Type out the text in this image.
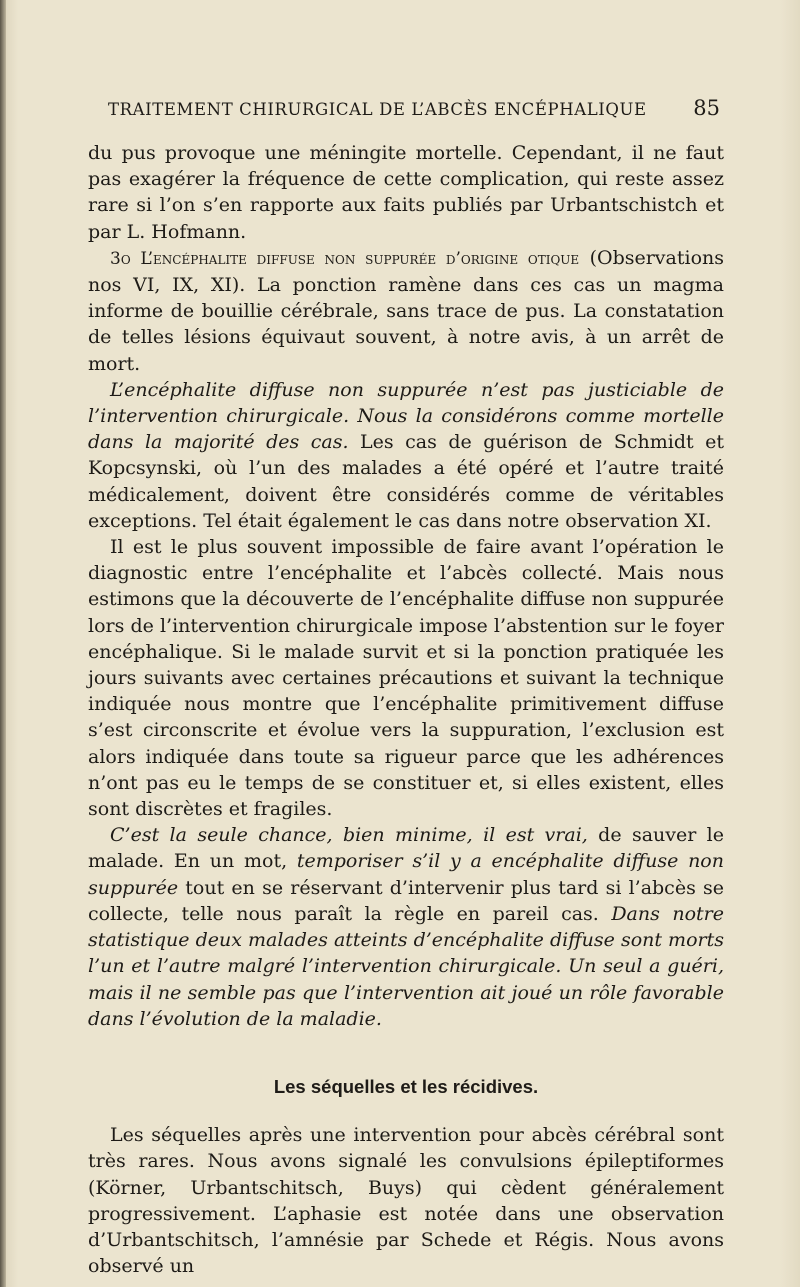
TRAITEMENT CHIRURGICAL DE L’ABCÈS ENCÉPHALIQUE 85

du pus provoque une méningite mortelle. Cependant, il ne faut pas exagérer la fréquence de cette complication, qui reste assez rare si l’on s’en rapporte aux faits publiés par Urbantschistch et par L. Hofmann.

3o L’encéphalite diffuse non suppurée d’origine otique (Observations nos VI, IX, XI). La ponction ramène dans ces cas un magma informe de bouillie cérébrale, sans trace de pus. La constatation de telles lésions équivaut souvent, à notre avis, à un arrêt de mort.

L’encéphalite diffuse non suppurée n’est pas justiciable de l’intervention chirurgicale. Nous la considérons comme mortelle dans la majorité des cas. Les cas de guérison de Schmidt et Kopcsynski, où l’un des malades a été opéré et l’autre traité médicalement, doivent être considérés comme de véritables exceptions. Tel était également le cas dans notre observation XI.

Il est le plus souvent impossible de faire avant l’opération le diagnostic entre l’encéphalite et l’abcès collecté. Mais nous estimons que la découverte de l’encéphalite diffuse non suppurée lors de l’intervention chirurgicale impose l’abstention sur le foyer encéphalique. Si le malade survit et si la ponction pratiquée les jours suivants avec certaines précautions et suivant la technique indiquée nous montre que l’encéphalite primitivement diffuse s’est circonscrite et évolue vers la suppuration, l’exclusion est alors indiquée dans toute sa rigueur parce que les adhérences n’ont pas eu le temps de se constituer et, si elles existent, elles sont discrètes et fragiles.

C’est la seule chance, bien minime, il est vrai, de sauver le malade. En un mot, temporiser s’il y a encéphalite diffuse non suppurée tout en se réservant d’intervenir plus tard si l’abcès se collecte, telle nous paraît la règle en pareil cas. Dans notre statistique deux malades atteints d’encéphalite diffuse sont morts l’un et l’autre malgré l’intervention chirurgicale. Un seul a guéri, mais il ne semble pas que l’intervention ait joué un rôle favorable dans l’évolution de la maladie.

Les séquelles et les récidives.

Les séquelles après une intervention pour abcès cérébral sont très rares. Nous avons signalé les convulsions épileptiformes (Körner, Urbantschitsch, Buys) qui cèdent généralement progressivement. L’aphasie est notée dans une observation d’Urbantschitsch, l’amnésie par Schede et Régis. Nous avons observé un
